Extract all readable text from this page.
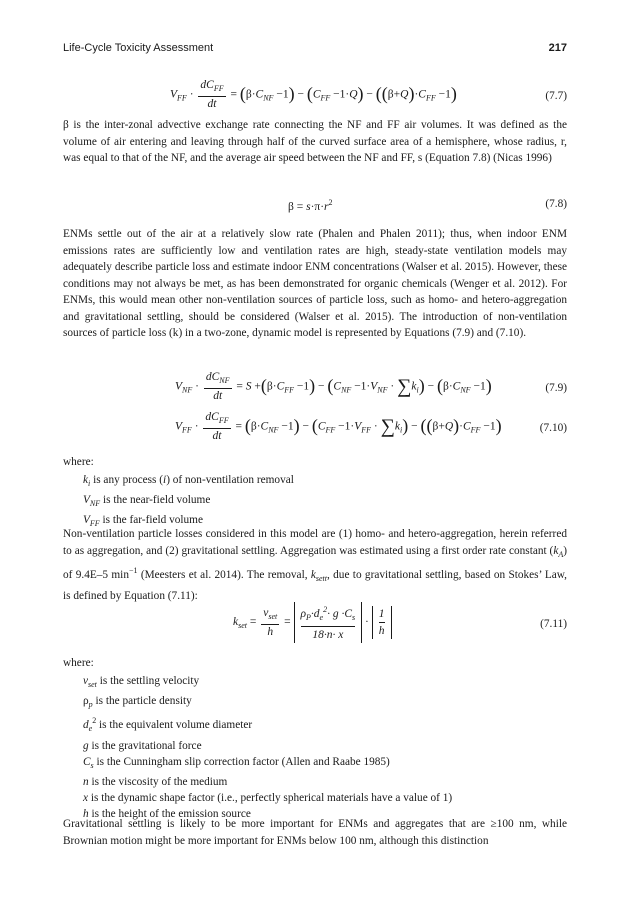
Life-Cycle Toxicity Assessment	217
$V_{FF} \cdot \frac{dC_{FF}}{dt} = (\beta\cdot C_{NF} -1) - (C_{FF} -1\cdot Q) - ((\beta+Q)\cdot C_{FF} -1)$	(7.7)

β is the inter-zonal advective exchange rate connecting the NF and FF air volumes. It was defined as the volume of air entering and leaving through half of the curved surface area of a hemisphere, whose radius, r, was equal to that of the NF, and the average air speed between the NF and FF, s (Equation 7.8) (Nicas 1996)

$\beta = s\cdot\pi\cdot r^2$	(7.8)

ENMs settle out of the air at a relatively slow rate (Phalen and Phalen 2011); thus, when indoor ENM emissions rates are sufficiently low and ventilation rates are high, steady-state ventilation models may adequately describe particle loss and estimate indoor ENM concentrations (Walser et al. 2015). However, these conditions may not always be met, as has been demonstrated for organic chemicals (Wenger et al. 2012). For ENMs, this would mean other non-ventilation sources of particle loss, such as homo- and hetero-aggregation and gravitational settling, should be considered (Walser et al. 2015). The introduction of non-ventilation sources of particle loss (k) in a two-zone, dynamic model is represented by Equations (7.9) and (7.10).

$V_{NF} \cdot \frac{dC_{NF}}{dt} = S +(\beta\cdot C_{FF} -1) - (C_{NF} -1\cdot V_{NF} \cdot \sum k_i) - (\beta\cdot C_{NF} -1)$	(7.9)
$V_{FF} \cdot \frac{dC_{FF}}{dt} = (\beta\cdot C_{NF} -1) - (C_{FF} -1\cdot V_{FF} \cdot \sum k_i) - ((\beta+Q)\cdot C_{FF} -1)$	(7.10)
where:
$k_i$ is any process (i) of non-ventilation removal
$V_{NF}$ is the near-field volume
$V_{FF}$ is the far-field volume

Non-ventilation particle losses considered in this model are (1) homo- and hetero-aggregation, herein referred to as aggregation, and (2) gravitational settling. Aggregation was estimated using a first order rate constant $(k_A)$ of 9.4E–5 $\min^{-1}$ (Meesters et al. 2014). The removal, $k_{sett}$, due to gravitational settling, based on Stokes’ Law, is defined by Equation (7.11):

$k_{set} = \frac{v_{set}}{h} = \frac{\rho_P\cdot d_e^2\cdot g \cdot C_s}{18\cdot n\cdot x} \cdot \frac{1}{h}$	(7.11)
where:
$v_{set}$ is the settling velocity
$\rho_p$ is the particle density
$d_e^2$ is the equivalent volume diameter
g is the gravitational force
$C_s$ is the Cunningham slip correction factor (Allen and Raabe 1985)
n is the viscosity of the medium
x is the dynamic shape factor (i.e., perfectly spherical materials have a value of 1)
h is the height of the emission source

Gravitational settling is likely to be more important for ENMs and aggregates that are ≥100 nm, while Brownian motion might be more important for ENMs below 100 nm, although this distinction
